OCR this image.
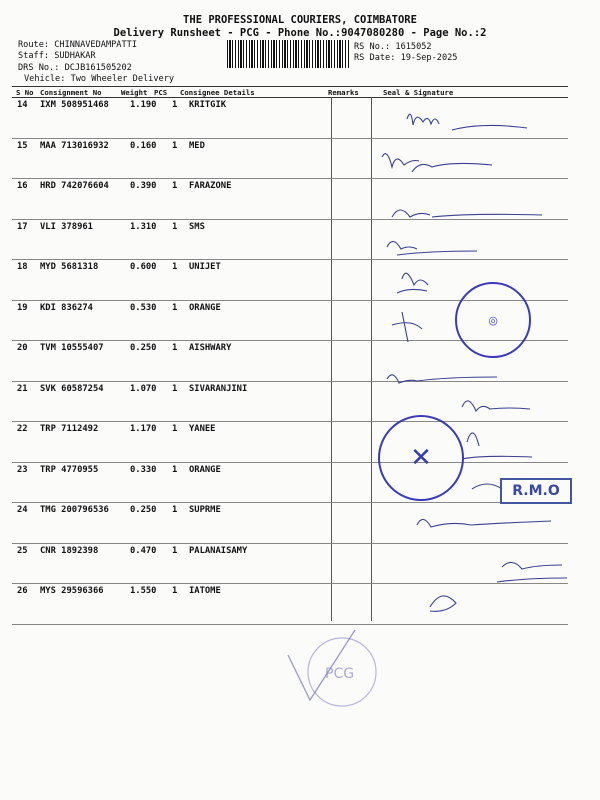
THE PROFESSIONAL COURIERS, COIMBATORE
Delivery Runsheet - PCG - Phone No.:9047080280 - Page No.:2
Route: CHINNAVEDAMPATTI
Staff: SUDHAKAR
DRS No.: DCJB161505202
Vehicle: Two Wheeler Delivery
RS No.: 1615052
RS Date: 19-Sep-2025
S No Consignment No	Weight PCS Consignee Details	Remarks	Seal & Signature
14 IXM 508951468 1.190 1 KRITGIK
15 MAA 713016932 0.160 1 MED
16 HRD 742076604 0.390 1 FARAZONE
17 VLI 378961	1.310 1 SMS
18 MYD 5681318	0.600 1 UNIJET
19 KDI 836274	0.530 1 ORANGE
20 TVM 10555407	0.250 1 AISHWARY
21 SVK 60587254	1.070 1 SIVARANJINI
22 TRP 7112492	1.170 1 YANEE
23 TRP 4770955	0.330 1 ORANGE
24 TMG 200796536 0.250 1 SUPRME
25 CNR 1892398	0.470 1 PALANAISAMY
26 MYS 29596366	1.550 1 IATOME
◎
✕
R.M.O
PCG
